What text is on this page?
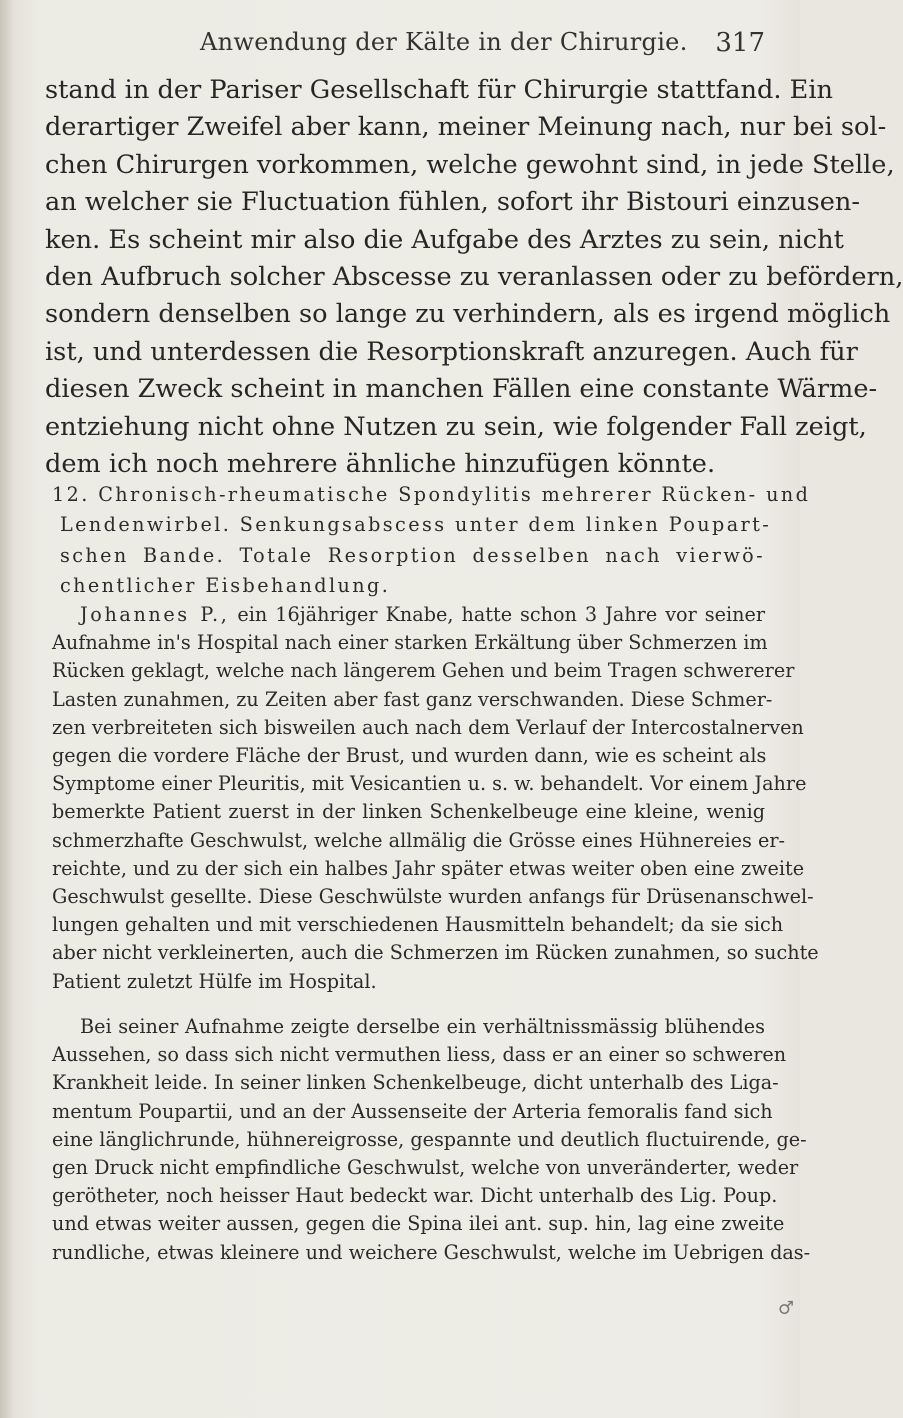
Anwendung der Kälte in der Chirurgie. 317
stand in der Pariser Gesellschaft für Chirurgie stattfand. Ein
derartiger Zweifel aber kann, meiner Meinung nach, nur bei sol-
chen Chirurgen vorkommen, welche gewohnt sind, in jede Stelle,
an welcher sie Fluctuation fühlen, sofort ihr Bistouri einzusen-
ken. Es scheint mir also die Aufgabe des Arztes zu sein, nicht
den Aufbruch solcher Abscesse zu veranlassen oder zu befördern,
sondern denselben so lange zu verhindern, als es irgend möglich
ist, und unterdessen die Resorptionskraft anzuregen. Auch für
diesen Zweck scheint in manchen Fällen eine constante Wärme-
entziehung nicht ohne Nutzen zu sein, wie folgender Fall zeigt,
dem ich noch mehrere ähnliche hinzufügen könnte.
12. Chronisch-rheumatische Spondylitis mehrerer Rücken- und
Lendenwirbel. Senkungsabscess unter dem linken Poupart-
schen Bande. Totale Resorption desselben nach vierwö-
chentlicher Eisbehandlung.
Johannes P., ein 16jähriger Knabe, hatte schon 3 Jahre vor seiner
Aufnahme in's Hospital nach einer starken Erkältung über Schmerzen im
Rücken geklagt, welche nach längerem Gehen und beim Tragen schwererer
Lasten zunahmen, zu Zeiten aber fast ganz verschwanden. Diese Schmer-
zen verbreiteten sich bisweilen auch nach dem Verlauf der Intercostalnerven
gegen die vordere Fläche der Brust, und wurden dann, wie es scheint als
Symptome einer Pleuritis, mit Vesicantien u. s. w. behandelt. Vor einem Jahre
bemerkte Patient zuerst in der linken Schenkelbeuge eine kleine, wenig
schmerzhafte Geschwulst, welche allmälig die Grösse eines Hühnereies er-
reichte, und zu der sich ein halbes Jahr später etwas weiter oben eine zweite
Geschwulst gesellte. Diese Geschwülste wurden anfangs für Drüsenanschwel-
lungen gehalten und mit verschiedenen Hausmitteln behandelt; da sie sich
aber nicht verkleinerten, auch die Schmerzen im Rücken zunahmen, so suchte
Patient zuletzt Hülfe im Hospital.
Bei seiner Aufnahme zeigte derselbe ein verhältnissmässig blühendes
Aussehen, so dass sich nicht vermuthen liess, dass er an einer so schweren
Krankheit leide. In seiner linken Schenkelbeuge, dicht unterhalb des Liga-
mentum Poupartii, und an der Aussenseite der Arteria femoralis fand sich
eine länglichrunde, hühnereigrosse, gespannte und deutlich fluctuirende, ge-
gen Druck nicht empfindliche Geschwulst, welche von unveränderter, weder
gerötheter, noch heisser Haut bedeckt war. Dicht unterhalb des Lig. Poup.
und etwas weiter aussen, gegen die Spina ilei ant. sup. hin, lag eine zweite
rundliche, etwas kleinere und weichere Geschwulst, welche im Uebrigen das-
♂
